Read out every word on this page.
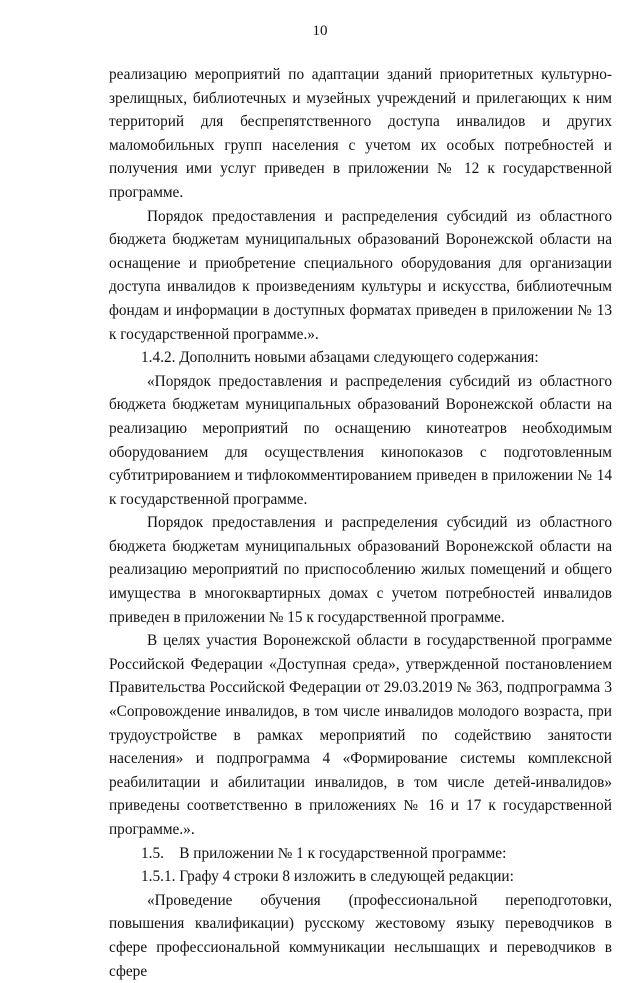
10

реализацию мероприятий по адаптации зданий приоритетных культурно-зрелищных, библиотечных и музейных учреждений и прилегающих к ним территорий для беспрепятственного доступа инвалидов и других маломобильных групп населения с учетом их особых потребностей и получения ими услуг приведен в приложении № 12 к государственной программе.

Порядок предоставления и распределения субсидий из областного бюджета бюджетам муниципальных образований Воронежской области на оснащение и приобретение специального оборудования для организации доступа инвалидов к произведениям культуры и искусства, библиотечным фондам и информации в доступных форматах приведен в приложении № 13 к государственной программе.».

1.4.2. Дополнить новыми абзацами следующего содержания:

«Порядок предоставления и распределения субсидий из областного бюджета бюджетам муниципальных образований Воронежской области на реализацию мероприятий по оснащению кинотеатров необходимым оборудованием для осуществления кинопоказов с подготовленным субтитрированием и тифлокомментированием приведен в приложении № 14 к государственной программе.

Порядок предоставления и распределения субсидий из областного бюджета бюджетам муниципальных образований Воронежской области на реализацию мероприятий по приспособлению жилых помещений и общего имущества в многоквартирных домах с учетом потребностей инвалидов приведен в приложении № 15 к государственной программе.

В целях участия Воронежской области в государственной программе Российской Федерации «Доступная среда», утвержденной постановлением Правительства Российской Федерации от 29.03.2019 № 363, подпрограмма 3 «Сопровождение инвалидов, в том числе инвалидов молодого возраста, при трудоустройстве в рамках мероприятий по содействию занятости населения» и подпрограмма 4 «Формирование системы комплексной реабилитации и абилитации инвалидов, в том числе детей-инвалидов» приведены соответственно в приложениях № 16 и 17 к государственной программе.».

1.5.    В приложении № 1 к государственной программе:

1.5.1. Графу 4 строки 8 изложить в следующей редакции:

«Проведение обучения (профессиональной переподготовки, повышения квалификации) русскому жестовому языку переводчиков в сфере профессиональной коммуникации неслышащих и переводчиков в сфере
